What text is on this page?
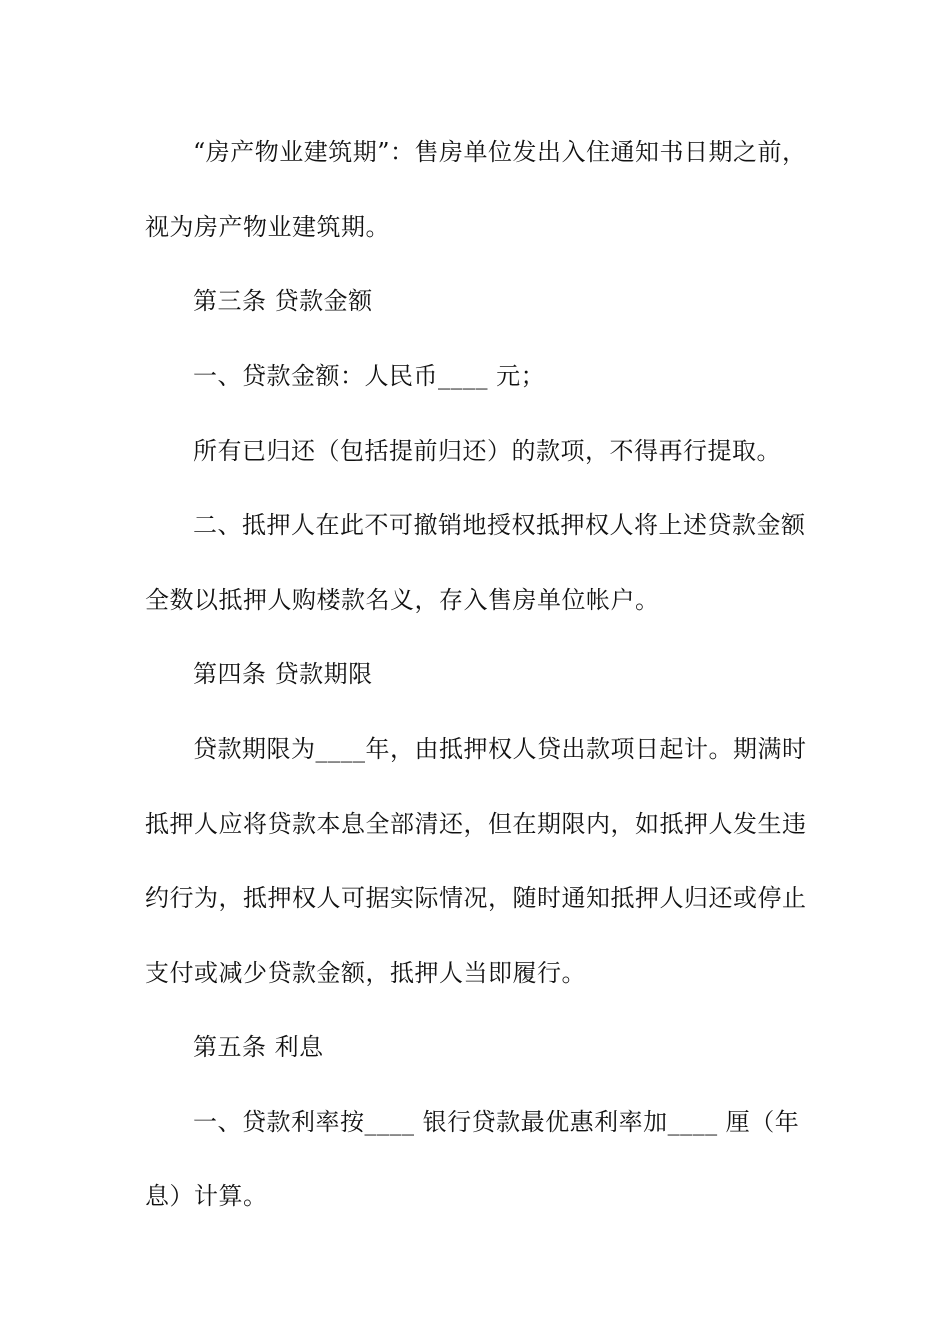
“房产物业建筑期”：售房单位发出入住通知书日期之前，
视为房产物业建筑期。
第三条 贷款金额
一、贷款金额：人民币____ 元；
所有已归还（包括提前归还）的款项，不得再行提取。
二、抵押人在此不可撤销地授权抵押权人将上述贷款金额
全数以抵押人购楼款名义，存入售房单位帐户。
第四条 贷款期限
贷款期限为____年，由抵押权人贷出款项日起计。期满时
抵押人应将贷款本息全部清还，但在期限内，如抵押人发生违
约行为，抵押权人可据实际情况，随时通知抵押人归还或停止
支付或减少贷款金额，抵押人当即履行。
第五条 利息
一、贷款利率按____ 银行贷款最优惠利率加____ 厘（年
息）计算。
